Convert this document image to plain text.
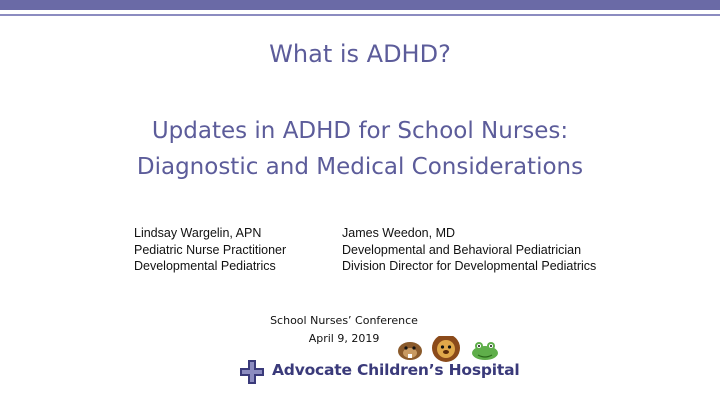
What is ADHD?
Updates in ADHD for School Nurses:
Diagnostic and Medical Considerations
Lindsay Wargelin, APN
Pediatric Nurse Practitioner
Developmental Pediatrics
James Weedon, MD
Developmental and Behavioral Pediatrician
Division Director for Developmental Pediatrics
School Nurses’ Conference
April 9, 2019
Advocate Children’s Hospital
